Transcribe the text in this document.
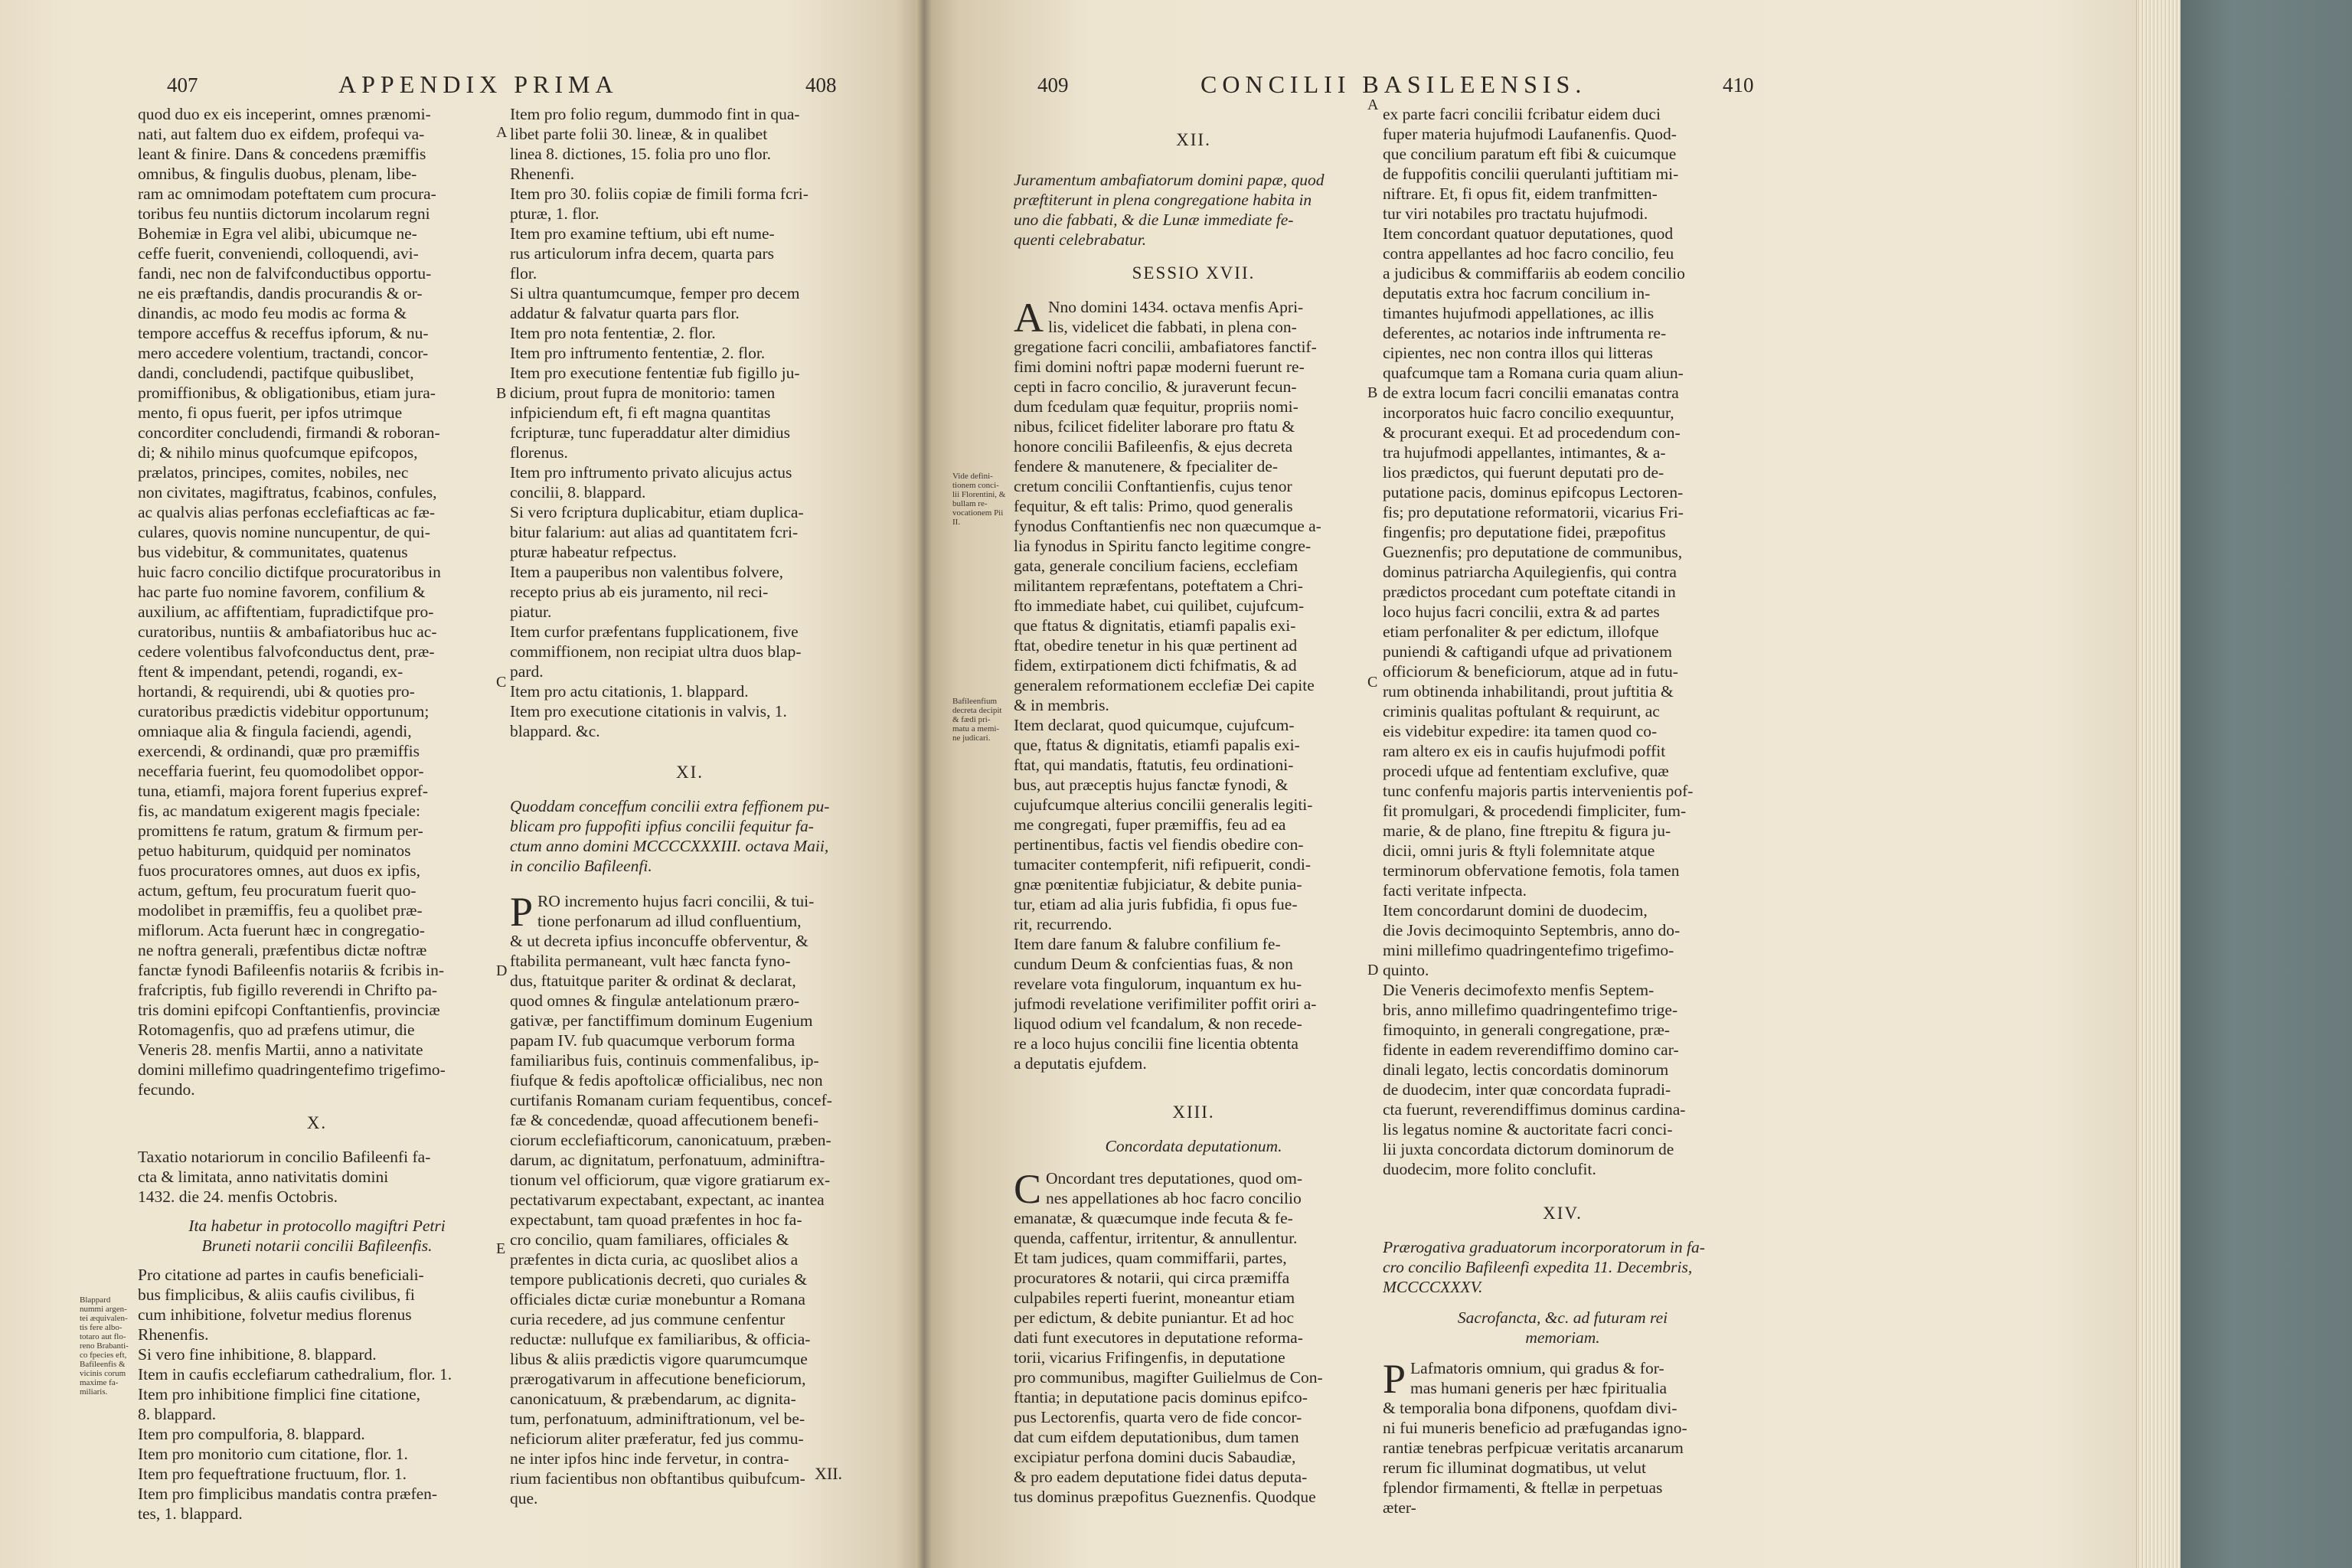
407	APPENDIX PRIMA	408
quod duo ex eis inceperint, omnes prænomi-
nati, aut faltem duo ex eifdem, profequi va-
leant & finire. Dans & concedens præmiffis
omnibus, & fingulis duobus, plenam, libe-
ram ac omnimodam poteftatem cum procura-
toribus feu nuntiis dictorum incolarum regni
Bohemiæ in Egra vel alibi, ubicumque ne-
ceffe fuerit, conveniendi, colloquendi, avi-
fandi, nec non de falvifconductibus opportu-
ne eis præftandis, dandis procurandis & or-
dinandis, ac modo feu modis ac forma &
tempore acceffus & receffus ipforum, & nu-
mero accedere volentium, tractandi, concor-
dandi, concludendi, pactifque quibuslibet,
promiffionibus, & obligationibus, etiam jura-
mento, fi opus fuerit, per ipfos utrimque
concorditer concludendi, firmandi & roboran-
di; & nihilo minus quofcumque epifcopos,
prælatos, principes, comites, nobiles, nec
non civitates, magiftratus, fcabinos, confules,
ac qualvis alias perfonas ecclefiafticas ac fæ-
culares, quovis nomine nuncupentur, de qui-
bus videbitur, & communitates, quatenus
huic facro concilio dictifque procuratoribus in
hac parte fuo nomine favorem, confilium &
auxilium, ac affiftentiam, fupradictifque pro-
curatoribus, nuntiis & ambafiatoribus huc ac-
cedere volentibus falvofconductus dent, præ-
ftent & impendant, petendi, rogandi, ex-
hortandi, & requirendi, ubi & quoties pro-
curatoribus prædictis videbitur opportunum;
omniaque alia & fingula faciendi, agendi,
exercendi, & ordinandi, quæ pro præmiffis
neceffaria fuerint, feu quomodolibet oppor-
tuna, etiamfi, majora forent fuperius expref-
fis, ac mandatum exigerent magis fpeciale:
promittens fe ratum, gratum & firmum per-
petuo habiturum, quidquid per nominatos
fuos procuratores omnes, aut duos ex ipfis,
actum, geftum, feu procuratum fuerit quo-
modolibet in præmiffis, feu a quolibet præ-
miflorum. Acta fuerunt hæc in congregatio-
ne noftra generali, præfentibus dictæ noftræ
fanctæ fynodi Bafileenfis notariis & fcribis in-
frafcriptis, fub figillo reverendi in Chrifto pa-
tris domini epifcopi Conftantienfis, provinciæ
Rotomagenfis, quo ad præfens utimur, die
Veneris 28. menfis Martii, anno a nativitate
domini millefimo quadringentefimo trigefimo-
fecundo.
X.
Taxatio notariorum in concilio Bafileenfi fa-
cta & limitata, anno nativitatis domini
1432. die 24. menfis Octobris.
Ita habetur in protocollo magiftri Petri
Bruneti notarii concilii Bafileenfis.
Pro citatione ad partes in caufis beneficiali-
bus fimplicibus, & aliis caufis civilibus, fi
cum inhibitione, folvetur medius florenus
Rhenenfis.
Si vero fine inhibitione, 8. blappard.
Item in caufis ecclefiarum cathedralium, flor. 1.
Item pro inhibitione fimplici fine citatione,
8. blappard.
Item pro compulforia, 8. blappard.
Item pro monitorio cum citatione, flor. 1.
Item pro fequeftratione fructuum, flor. 1.
Item pro fimplicibus mandatis contra præfen-
tes, 1. blappard.
Item pro folio regum, dummodo fint in qua-
libet parte folii 30. lineæ, & in qualibet
linea 8. dictiones, 15. folia pro uno flor.
Rhenenfi.
Item pro 30. foliis copiæ de fimili forma fcri-
pturæ, 1. flor.
Item pro examine teftium, ubi eft nume-
rus articulorum infra decem, quarta pars
flor.
Si ultra quantumcumque, femper pro decem
addatur & falvatur quarta pars flor.
Item pro nota fententiæ, 2. flor.
Item pro inftrumento fententiæ, 2. flor.
Item pro executione fententiæ fub figillo ju-
dicium, prout fupra de monitorio: tamen
infpiciendum eft, fi eft magna quantitas
fcripturæ, tunc fuperaddatur alter dimidius
florenus.
Item pro inftrumento privato alicujus actus
concilii, 8. blappard.
Si vero fcriptura duplicabitur, etiam duplica-
bitur falarium: aut alias ad quantitatem fcri-
pturæ habeatur refpectus.
Item a pauperibus non valentibus folvere,
recepto prius ab eis juramento, nil reci-
piatur.
Item curfor præfentans fupplicationem, five
commiffionem, non recipiat ultra duos blap-
pard.
Item pro actu citationis, 1. blappard.
Item pro executione citationis in valvis, 1.
blappard. &c.
XI.
Quoddam conceffum concilii extra feffionem pu-
blicam pro fuppofiti ipfius concilii fequitur fa-
ctum anno domini MCCCCXXXIII. octava Maii,
in concilio Bafileenfi.
P RO incremento hujus facri concilii, & tui-
tione perfonarum ad illud confluentium,
& ut decreta ipfius inconcuffe obferventur, &
ftabilita permaneant, vult hæc fancta fyno-
dus, ftatuitque pariter & ordinat & declarat,
quod omnes & fingulæ antelationum præro-
gativæ, per fanctiffimum dominum Eugenium
papam IV. fub quacumque verborum forma
familiaribus fuis, continuis commenfalibus, ip-
fiufque & fedis apoftolicæ officialibus, nec non
curtifanis Romanam curiam fequentibus, concef-
fæ & concedendæ, quoad affecutionem benefi-
ciorum ecclefiafticorum, canonicatuum, præben-
darum, ac dignitatum, perfonatuum, adminiftra-
tionum vel officiorum, quæ vigore gratiarum ex-
pectativarum expectabant, expectant, ac inantea
expectabunt, tam quoad præfentes in hoc fa-
cro concilio, quam familiares, officiales &
præfentes in dicta curia, ac quoslibet alios a
tempore publicationis decreti, quo curiales &
officiales dictæ curiæ monebuntur a Romana
curia recedere, ad jus commune cenfentur
reductæ: nullufque ex familiaribus, & officia-
libus & aliis prædictis vigore quarumcumque
prærogativarum in affecutione beneficiorum,
canonicatuum, & præbendarum, ac dignita-
tum, perfonatuum, adminiftrationum, vel be-
neficiorum aliter præferatur, fed jus commu-
ne inter ipfos hinc inde fervetur, in contra-
rium facientibus non obftantibus quibufcum-
que.
A
B
C
D
E
Blappard nummi argen- tei æquivalen- tis fere albo- totaro aut flo- reno Brabanti- co fpecies eft, Bafileenfis & vicinis corum maxime fa- miliaris.
XII.
409	CONCILII BASILEENSIS.	410
XII.
Juramentum ambafiatorum domini papæ, quod
præftiterunt in plena congregatione habita in
uno die fabbati, & die Lunæ immediate fe-
quenti celebrabatur.
SESSIO XVII.
A Nno domini 1434. octava menfis Apri-
lis, videlicet die fabbati, in plena con-
gregatione facri concilii, ambafiatores fanctif-
fimi domini noftri papæ moderni fuerunt re-
cepti in facro concilio, & juraverunt fecun-
dum fcedulam quæ fequitur, propriis nomi-
nibus, fcilicet fideliter laborare pro ftatu &
honore concilii Bafileenfis, & ejus decreta
fendere & manutenere, & fpecialiter de-
cretum concilii Conftantienfis, cujus tenor
fequitur, & eft talis: Primo, quod generalis
fynodus Conftantienfis nec non quæcumque a-
lia fynodus in Spiritu fancto legitime congre-
gata, generale concilium faciens, ecclefiam
militantem repræfentans, poteftatem a Chri-
fto immediate habet, cui quilibet, cujufcum-
que ftatus & dignitatis, etiamfi papalis exi-
ftat, obedire tenetur in his quæ pertinent ad
fidem, extirpationem dicti fchifmatis, & ad
generalem reformationem ecclefiæ Dei capite
& in membris.
Item declarat, quod quicumque, cujufcum-
que, ftatus & dignitatis, etiamfi papalis exi-
ftat, qui mandatis, ftatutis, feu ordinationi-
bus, aut præceptis hujus fanctæ fynodi, &
cujufcumque alterius concilii generalis legiti-
me congregati, fuper præmiffis, feu ad ea
pertinentibus, factis vel fiendis obedire con-
tumaciter contempferit, nifi refipuerit, condi-
gnæ pœnitentiæ fubjiciatur, & debite punia-
tur, etiam ad alia juris fubfidia, fi opus fue-
rit, recurrendo.
Item dare fanum & falubre confilium fe-
cundum Deum & confcientias fuas, & non
revelare vota fingulorum, inquantum ex hu-
jufmodi revelatione verifimiliter poffit oriri a-
liquod odium vel fcandalum, & non recede-
re a loco hujus concilii fine licentia obtenta
a deputatis ejufdem.
XIII.
Concordata deputationum.
C Oncordant tres deputationes, quod om-
nes appellationes ab hoc facro concilio
emanatæ, & quæcumque inde fecuta & fe-
quenda, caffentur, irritentur, & annullentur.
Et tam judices, quam commiffarii, partes,
procuratores & notarii, qui circa præmiffa
culpabiles reperti fuerint, moneantur etiam
per edictum, & debite puniantur. Et ad hoc
dati funt executores in deputatione reforma-
torii, vicarius Frifingenfis, in deputatione
pro communibus, magifter Guilielmus de Con-
ftantia; in deputatione pacis dominus epifco-
pus Lectorenfis, quarta vero de fide concor-
dat cum eifdem deputationibus, dum tamen
excipiatur perfona domini ducis Sabaudiæ,
& pro eadem deputatione fidei datus deputa-
tus dominus præpofitus Gueznenfis. Quodque
ex parte facri concilii fcribatur eidem duci
fuper materia hujufmodi Laufanenfis. Quod-
que concilium paratum eft fibi & cuicumque
de fuppofitis concilii querulanti juftitiam mi-
niftrare. Et, fi opus fit, eidem tranfmitten-
tur viri notabiles pro tractatu hujufmodi.
Item concordant quatuor deputationes, quod
contra appellantes ad hoc facro concilio, feu
a judicibus & commiffariis ab eodem concilio
deputatis extra hoc facrum concilium in-
timantes hujufmodi appellationes, ac illis
deferentes, ac notarios inde inftrumenta re-
cipientes, nec non contra illos qui litteras
quafcumque tam a Romana curia quam aliun-
de extra locum facri concilii emanatas contra
incorporatos huic facro concilio exequuntur,
& procurant exequi. Et ad procedendum con-
tra hujufmodi appellantes, intimantes, & a-
lios prædictos, qui fuerunt deputati pro de-
putatione pacis, dominus epifcopus Lectoren-
fis; pro deputatione reformatorii, vicarius Fri-
fingenfis; pro deputatione fidei, præpofitus
Gueznenfis; pro deputatione de communibus,
dominus patriarcha Aquilegienfis, qui contra
prædictos procedant cum poteftate citandi in
loco hujus facri concilii, extra & ad partes
etiam perfonaliter & per edictum, illofque
puniendi & caftigandi ufque ad privationem
officiorum & beneficiorum, atque ad in futu-
rum obtinenda inhabilitandi, prout juftitia &
criminis qualitas poftulant & requirunt, ac
eis videbitur expedire: ita tamen quod co-
ram altero ex eis in caufis hujufmodi poffit
procedi ufque ad fententiam exclufive, quæ
tunc confenfu majoris partis intervenientis pof-
fit promulgari, & procedendi fimpliciter, fum-
marie, & de plano, fine ftrepitu & figura ju-
dicii, omni juris & ftyli folemnitate atque
terminorum obfervatione femotis, fola tamen
facti veritate infpecta.
Item concordarunt domini de duodecim,
die Jovis decimoquinto Septembris, anno do-
mini millefimo quadringentefimo trigefimo-
quinto.
Die Veneris decimofexto menfis Septem-
bris, anno millefimo quadringentefimo trige-
fimoquinto, in generali congregatione, præ-
fidente in eadem reverendiffimo domino car-
dinali legato, lectis concordatis dominorum
de duodecim, inter quæ concordata fupradi-
cta fuerunt, reverendiffimus dominus cardina-
lis legatus nomine & auctoritate facri conci-
lii juxta concordata dictorum dominorum de
duodecim, more folito conclufit.
XIV.
Prærogativa graduatorum incorporatorum in fa-
cro concilio Bafileenfi expedita 11. Decembris,
MCCCCXXXV.
Sacrofancta, &c. ad futuram rei
memoriam.
P Lafmatoris omnium, qui gradus & for-
mas humani generis per hæc fpiritualia
& temporalia bona difponens, quofdam divi-
ni fui muneris beneficio ad præfugandas igno-
rantiæ tenebras perfpicuæ veritatis arcanarum
rerum fic illuminat dogmatibus, ut velut
fplendor firmamenti, & ftellæ in perpetuas
æter-
A
B
C
D
Vide defini- tionem conci- lii Florentini, & bullam re- vocationem Pii II.
Bafileenfium decreta decipit & fædi pri- matu a memi- ne judicari.
